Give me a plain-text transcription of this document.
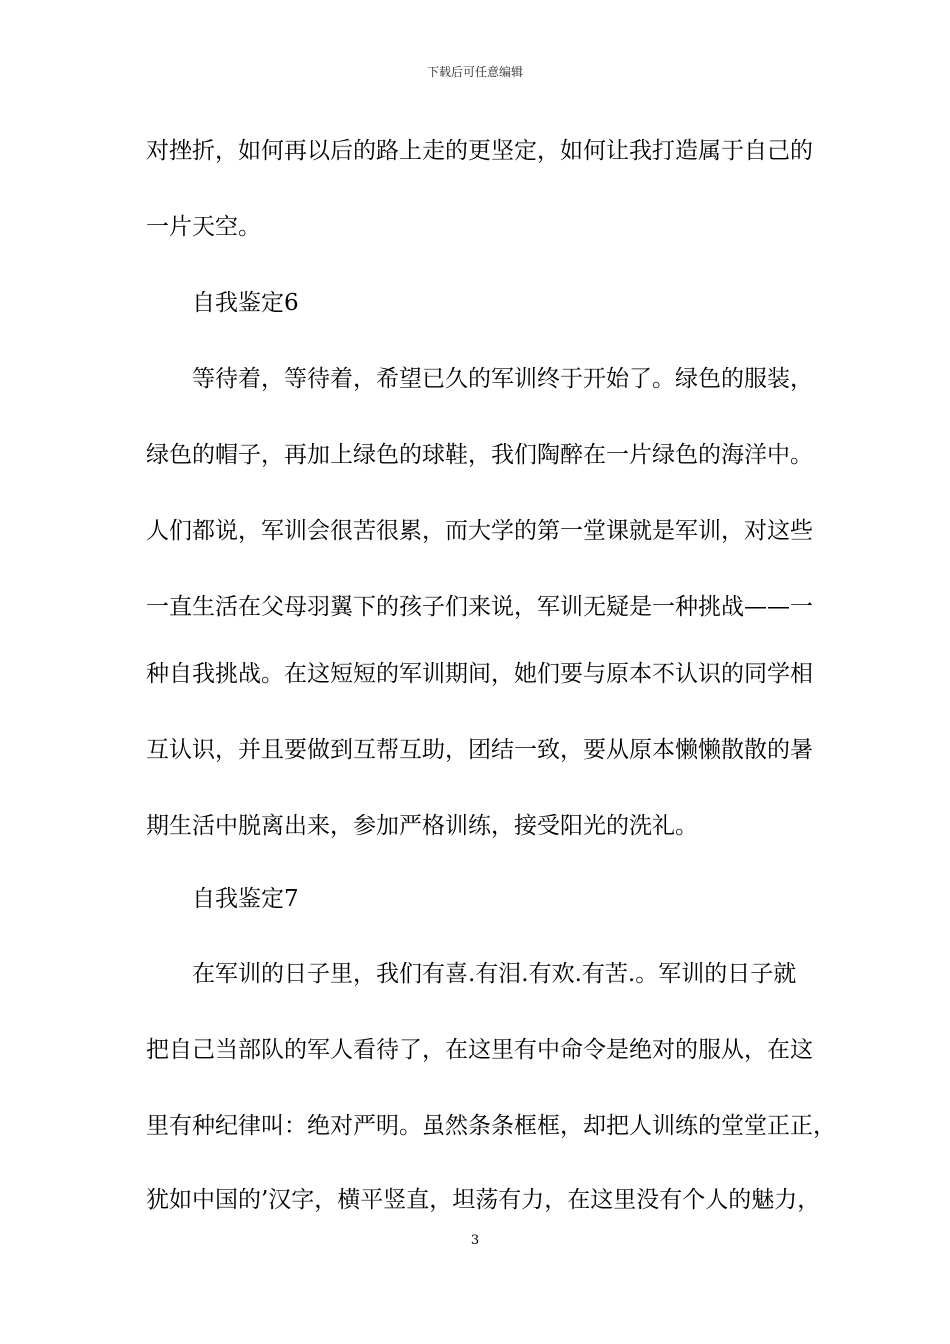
下载后可任意编辑
对挫折，如何再以后的路上走的更坚定，如何让我打造属于自己的
一片天空。
自我鉴定6
等待着，等待着，希望已久的军训终于开始了。绿色的服装，
绿色的帽子，再加上绿色的球鞋，我们陶醉在一片绿色的海洋中。
人们都说，军训会很苦很累，而大学的第一堂课就是军训，对这些
一直生活在父母羽翼下的孩子们来说，军训无疑是一种挑战——一
种自我挑战。在这短短的军训期间，她们要与原本不认识的同学相
互认识，并且要做到互帮互助，团结一致，要从原本懒懒散散的暑
期生活中脱离出来，参加严格训练，接受阳光的洗礼。
自我鉴定7
在军训的日子里，我们有喜.有泪.有欢.有苦.。军训的日子就
把自己当部队的军人看待了，在这里有中命令是绝对的服从，在这
里有种纪律叫：绝对严明。虽然条条框框，却把人训练的堂堂正正，
犹如中国的’汉字，横平竖直，坦荡有力，在这里没有个人的魅力，
3
